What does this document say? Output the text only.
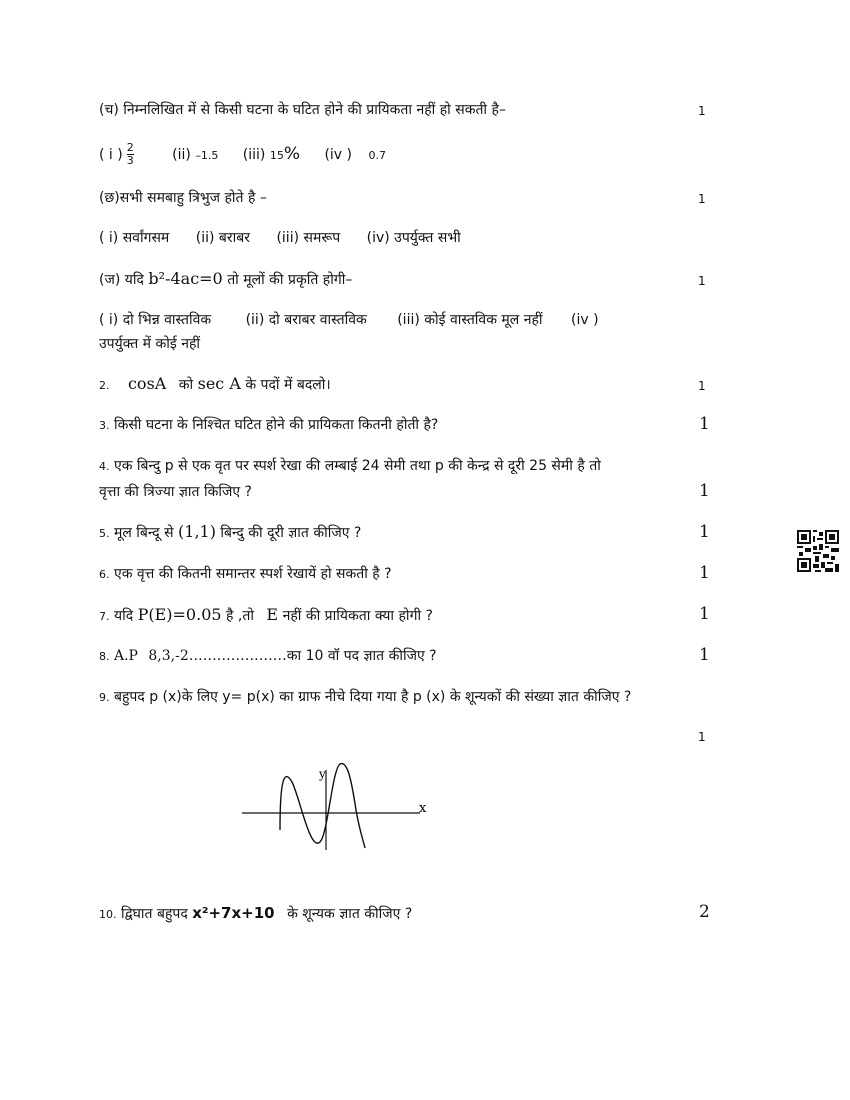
(च) निम्नलिखित में से किसी घटना के घटित होने की प्रायिकता नहीं हो सकती है–	1
( i ) $\frac{2}{3}$	(ii) –1.5 (iii) 15% (iv ) 0.7
(छ)सभी समबाहु त्रिभुज होते है –	1
( i) सर्वांगसम (ii) बराबर (iii) समरूप (iv) उपर्युक्त सभी
(ज) यदि b²-4ac=0 तो मूलों की प्रकृति होगी–	1
( i) दो भिन्न वास्तविक (ii) दो बराबर वास्तविक (iii) कोई वास्तविक मूल नहीं (iv )
उपर्युक्त में कोई नहीं
2. cosA को sec A के पदों में बदलो।	1
3. किसी घटना के निश्चित घटित होने की प्रायिकता कितनी होती है?	1
4. एक बिन्दु p से एक वृत पर स्पर्श रेखा की लम्बाई 24 सेमी तथा p की केन्द्र से दूरी 25 सेमी है तो
वृत्ता की त्रिज्या ज्ञात किजिए ?	1
5. मूल बिन्दू से (1,1) बिन्दु की दूरी ज्ञात कीजिए ?	1
6. एक वृत्त की कितनी समान्तर स्पर्श रेखायें हो सकती है ?	1
7. यदि P(E)=0.05 है ,तो E नहीं की प्रायिकता क्या होगी ?	1
8. A.P 8,3,-2…………………का 10 वॉ पद ज्ञात कीजिए ?	1
9. बहुपद p (x)के लिए y= p(x) का ग्राफ नीचे दिया गया है p (x) के शून्यकों की संख्या ज्ञात कीजिए ?
1
y
x
10. द्विघात बहुपद x²+7x+10 के शून्यक ज्ञात कीजिए ?	2
